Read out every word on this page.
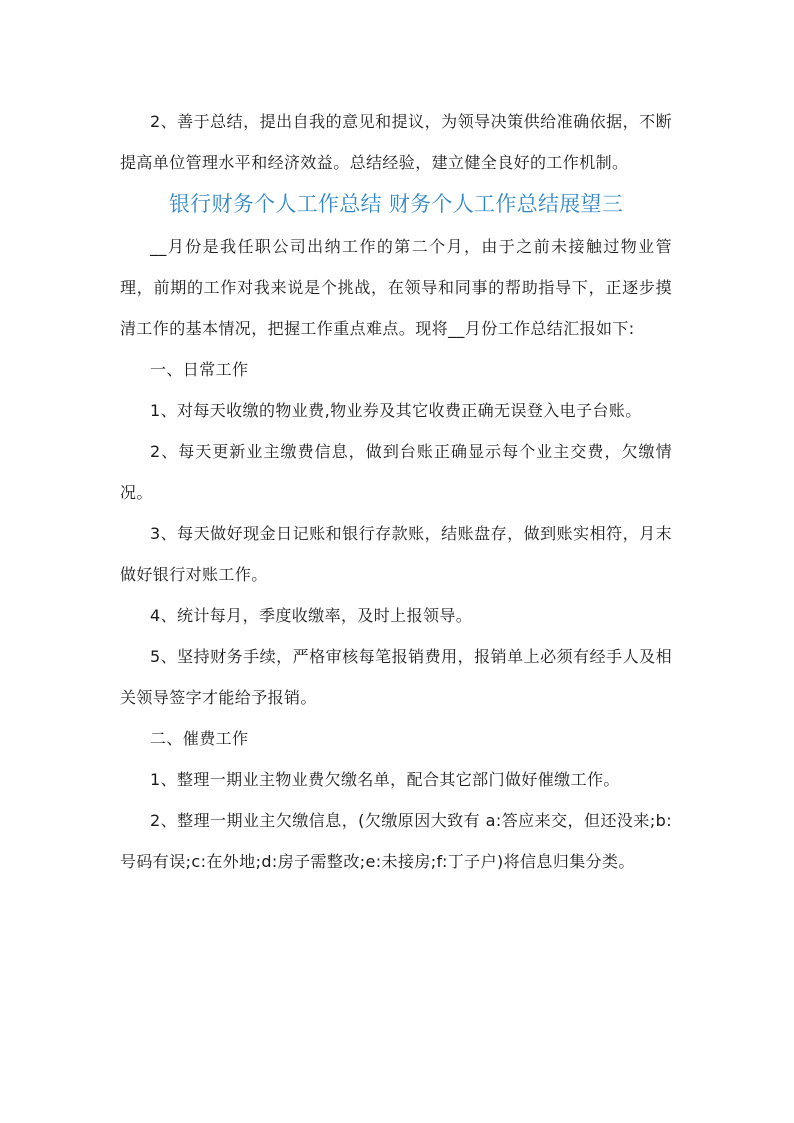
2、善于总结，提出自我的意见和提议，为领导决策供给准确依据，不断提高单位管理水平和经济效益。总结经验，建立健全良好的工作机制。

银行财务个人工作总结 财务个人工作总结展望三

__月份是我任职公司出纳工作的第二个月，由于之前未接触过物业管理，前期的工作对我来说是个挑战，在领导和同事的帮助指导下，正逐步摸清工作的基本情况，把握工作重点难点。现将__月份工作总结汇报如下:

一、日常工作

1、对每天收缴的物业费,物业券及其它收费正确无误登入电子台账。

2、每天更新业主缴费信息，做到台账正确显示每个业主交费，欠缴情况。

3、每天做好现金日记账和银行存款账，结账盘存，做到账实相符，月末做好银行对账工作。

4、统计每月，季度收缴率，及时上报领导。

5、坚持财务手续，严格审核每笔报销费用，报销单上必须有经手人及相关领导签字才能给予报销。

二、催费工作

1、整理一期业主物业费欠缴名单，配合其它部门做好催缴工作。

2、整理一期业主欠缴信息，(欠缴原因大致有 a:答应来交，但还没来;b:号码有误;c:在外地;d:房子需整改;e:未接房;f:丁子户)将信息归集分类。
